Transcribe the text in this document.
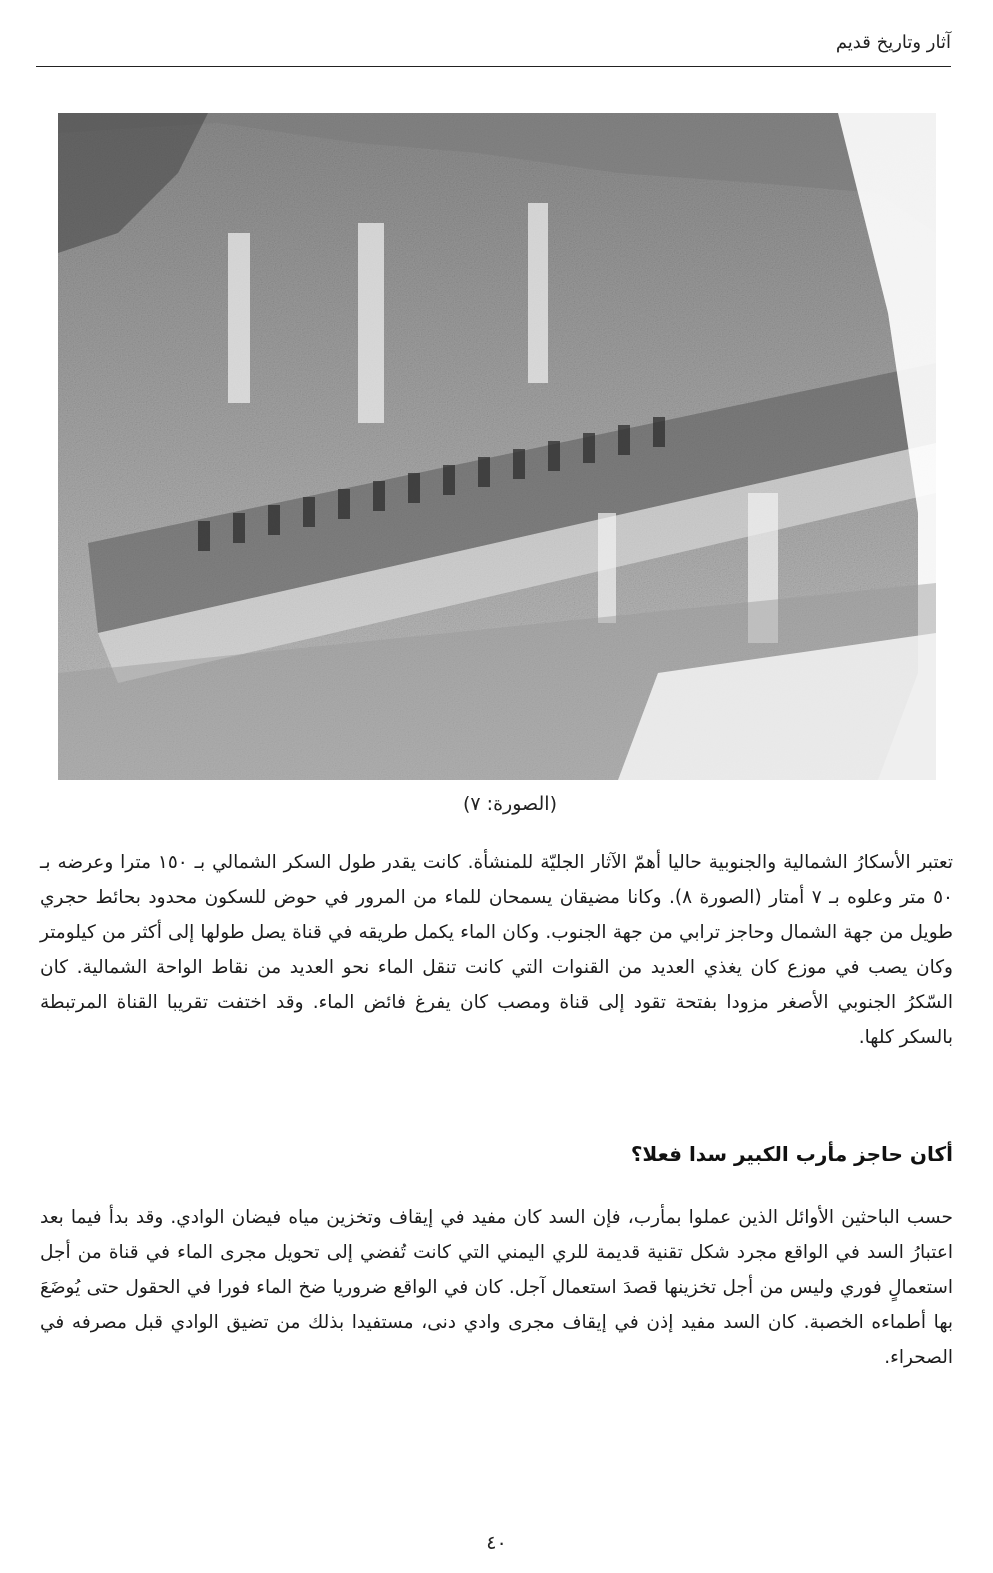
آثار وتاريخ قديم
(الصورة: ٧)

تعتبر الأسكارُ الشمالية والجنوبية حاليا أهمّ الآثار الجليّة للمنشأة. كانت يقدر طول السكر الشمالي بـ ١٥٠ مترا وعرضه بـ ٥٠ متر وعلوه بـ ٧ أمتار (الصورة ٨). وكانا مضيقان يسمحان للماء من المرور في حوض للسكون محدود بحائط حجري طويل من جهة الشمال وحاجز ترابي من جهة الجنوب. وكان الماء يكمل طريقه في قناة يصل طولها إلى أكثر من كيلومتر وكان يصب في موزع كان يغذي العديد من القنوات التي كانت تنقل الماء نحو العديد من نقاط الواحة الشمالية. كان السّكرُ الجنوبي الأصغر مزودا بفتحة تقود إلى قناة ومصب كان يفرغ فائض الماء. وقد اختفت تقريبا القناة المرتبطة بالسكر كلها.

أكان حاجز مأرب الكبير سدا فعلا؟

حسب الباحثين الأوائل الذين عملوا بمأرب، فإن السد كان مفيد في إيقاف وتخزين مياه فيضان الوادي. وقد بدأ فيما بعد اعتبارُ السد في الواقع مجرد شكل تقنية قديمة للري اليمني التي كانت تُفضي إلى تحويل مجرى الماء في قناة من أجل استعمالٍ فوري وليس من أجل تخزينها قصدَ استعمال آجل. كان في الواقع ضروريا ضخ الماء فورا في الحقول حتى يُوضَعَ بها أطماءه الخصبة. كان السد مفيد إذن في إيقاف مجرى وادي دنى، مستفيدا بذلك من تضيق الوادي قبل مصرفه في الصحراء.

٤٠
